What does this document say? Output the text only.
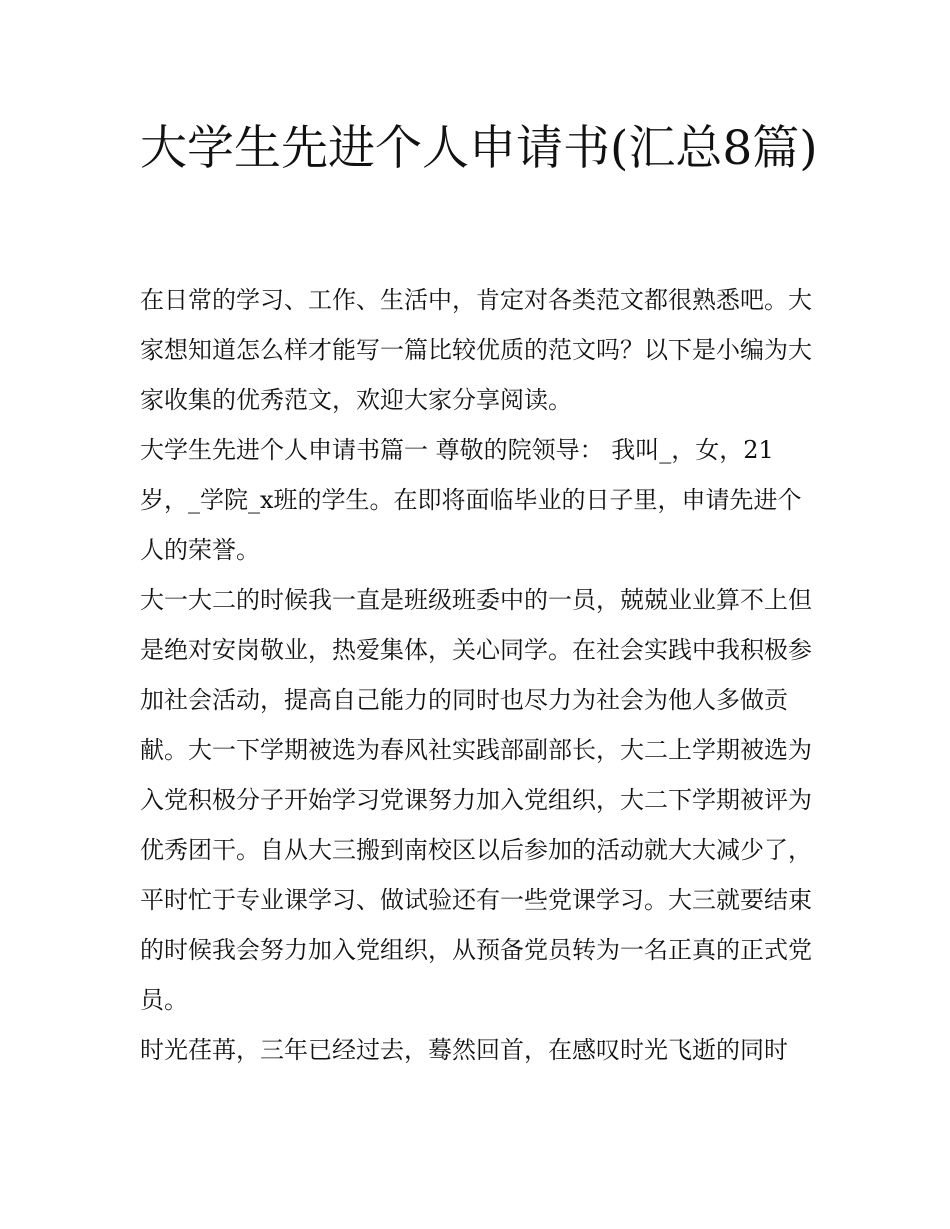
大学生先进个人申请书(汇总8篇)

在日常的学习、工作、生活中，肯定对各类范文都很熟悉吧。大家想知道怎么样才能写一篇比较优质的范文吗？以下是小编为大家收集的优秀范文，欢迎大家分享阅读。

大学生先进个人申请书篇一 尊敬的院领导： 我叫_，女，21岁，_学院_x班的学生。在即将面临毕业的日子里，申请先进个人的荣誉。

大一大二的时候我一直是班级班委中的一员，兢兢业业算不上但是绝对安岗敬业，热爱集体，关心同学。在社会实践中我积极参加社会活动，提高自己能力的同时也尽力为社会为他人多做贡献。大一下学期被选为春风社实践部副部长，大二上学期被选为入党积极分子开始学习党课努力加入党组织，大二下学期被评为优秀团干。自从大三搬到南校区以后参加的活动就大大减少了，平时忙于专业课学习、做试验还有一些党课学习。大三就要结束的时候我会努力加入党组织，从预备党员转为一名正真的正式党员。

时光荏苒，三年已经过去，蓦然回首，在感叹时光飞逝的同时
